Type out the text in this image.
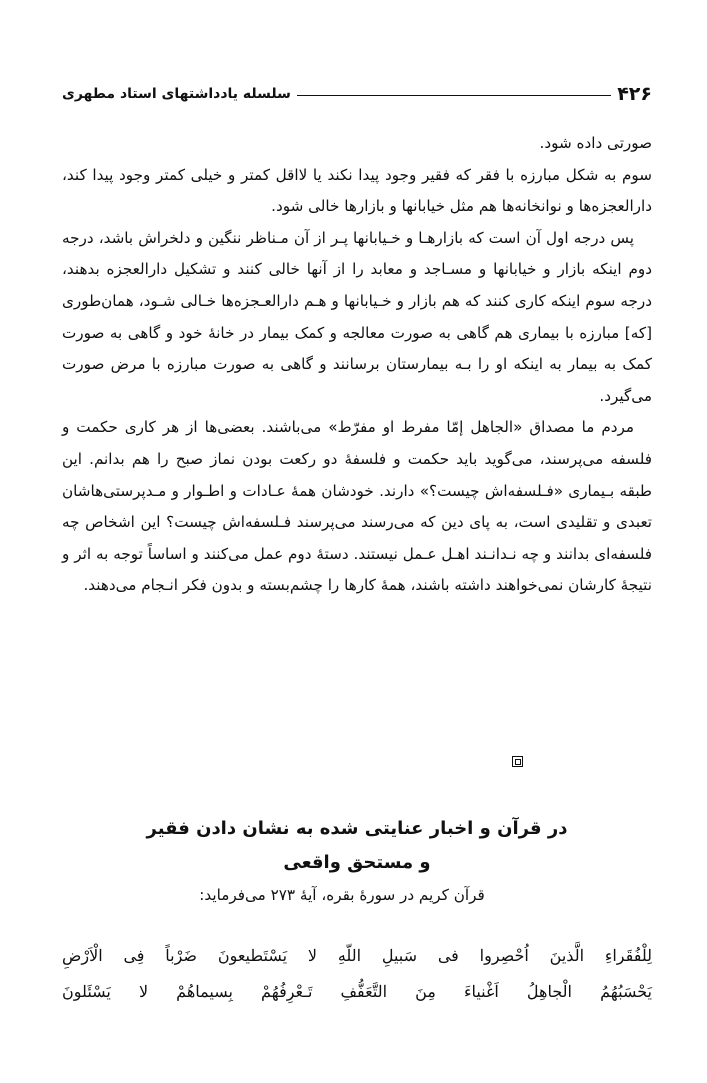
۴۲۶
سلسله یادداشتهای استاد مطهری

صورتی داده شود.

سوم به شکل مبارزه با فقر که فقیر وجود پیدا نکند یا لااقل کمتر و خیلی کمتر وجود پیدا کند، دارالعجزه‌ها و نوانخانه‌ها هم مثل خیابانها و بازارها خالی شود.

پس درجه اول آن است که بازارهـا و خـیابانها پـر از آن مـناظر ننگین و دلخراش باشد، درجه دوم اینکه بازار و خیابانها و مسـاجد و معابد را از آنها خالی کنند و تشکیل دارالعجزه بدهند، درجه سوم اینکه کاری کنند که هم بازار و خـیابانها و هـم دارالعـجزه‌ها خـالی شـود، همان‌طوری [که] مبارزه با بیماری هم گاهی به صورت معالجه و کمک بیمار در خانهٔ خود و گاهی به صورت کمک به بیمار به اینکه او را بـه بیمارستان برسانند و گاهی به صورت مبارزه با مرض صورت می‌گیرد.

مردم ما مصداق «الجاهل إمّا مفرط او مفرّط» می‌باشند. بعضی‌ها از هر کاری حکمت و فلسفه می‌پرسند، می‌گوید باید حکمت و فلسفهٔ دو رکعت بودن نماز صبح را هم بدانم. این طبقه بـیماری «فـلسفه‌اش چیست؟» دارند. خودشان همهٔ عـادات و اطـوار و مـدپرستی‌هاشان تعبدی و تقلیدی است، به پای دین که می‌رسند می‌پرسند فـلسفه‌اش چیست؟ این اشخاص چه فلسفه‌ای بدانند و چه نـدانـند اهـل عـمل نیستند. دستهٔ دوم عمل می‌کنند و اساساً توجه به اثر و نتیجهٔ کارشان نمی‌خواهند داشته باشند، همهٔ کارها را چشم‌بسته و بدون فکر انـجام می‌دهند.

در قرآن و اخبار عنایتی شده به نشان دادن فقیر
و مستحق واقعی
قرآن کریم در سورهٔ بقره، آیهٔ ۲۷۳ می‌فرماید:
لِلْفُقَراءِ الَّذینَ اُحْصِروا فی سَبیلِ اللّهِ لا یَسْتَطیعونَ ضَرْباً فِی الْاَرْضِ
یَحْسَبُهُمُ الْجاهِلُ اَغْنیاءَ مِنَ التَّعَفُّفِ تَـعْرِفُهُمْ بِسیماهُمْ لا یَسْئَلونَ
